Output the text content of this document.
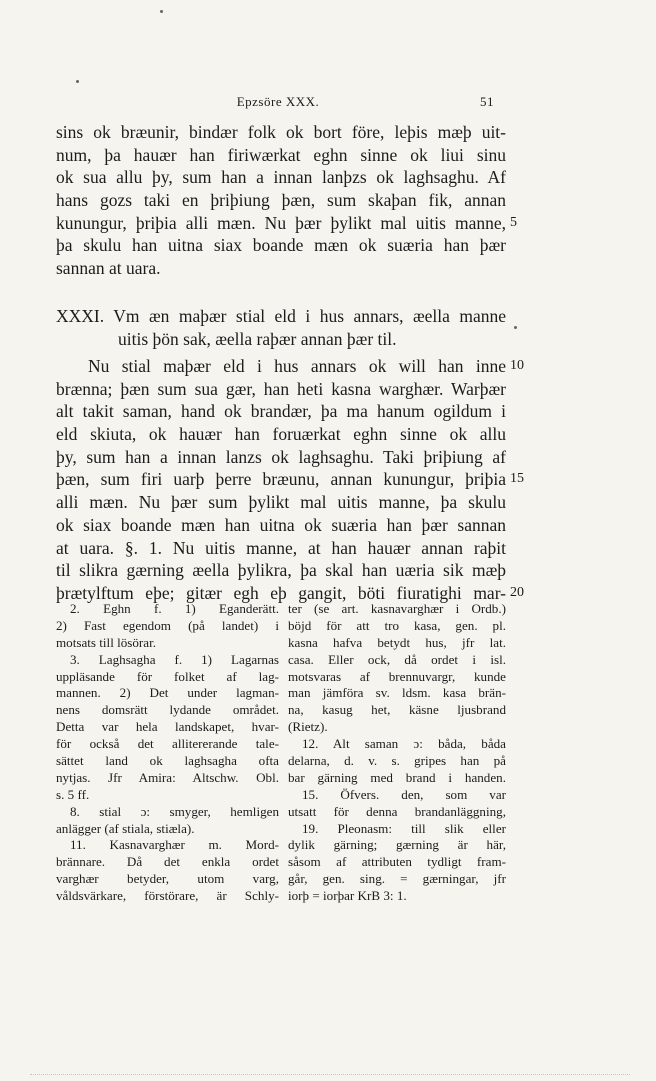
Epzsöre XXX.	51
sins ok bræunir, bindær folk ok bort före, leþis mæþ uit-
num, þa hauær han firiwærkat eghn sinne ok liui sinu
ok sua allu þy, sum han a innan lanþzs ok laghsaghu. Af
hans gozs taki en þriþiung þæn, sum skaþan fik, annan
kunungur, þriþia alli mæn. Nu þær þylikt mal uitis manne, 5
þa skulu han uitna siax boande mæn ok suæria han þær
sannan at uara.
XXXI. Vm æn maþær stial eld i hus annars, æella manne
uitis þön sak, æella raþær annan þær til.
Nu stial maþær eld i hus annars ok will han inne 10
brænna; þæn sum sua gær, han heti kasna warghær. Warþær
alt takit saman, hand ok brandær, þa ma hanum ogildum i
eld skiuta, ok hauær han foruærkat eghn sinne ok allu
þy, sum han a innan lanzs ok laghsaghu. Taki þriþiung af
þæn, sum firi uarþ þerre bræunu, annan kunungur, þriþia 15
alli mæn. Nu þær sum þylikt mal uitis manne, þa skulu
ok siax boande mæn han uitna ok suæria han þær sannan
at uara. §. 1. Nu uitis manne, at han hauær annan raþit
til slikra gærning æella þylikra, þa skal han uæria sik mæþ
þrætylftum eþe; gitær egh eþ gangit, böti fiuratighi mar- 20
2. Eghn f. 1) Eganderätt.
2) Fast egendom (på landet) i
motsats till lösörar.
3. Laghsagha f. 1) Lagarnas
uppläsande för folket af lag-
mannen. 2) Det under lagman-
nens domsrätt lydande området.
Detta var hela landskapet, hvar-
för också det allitererande tale-
sättet land ok laghsagha ofta
nytjas. Jfr Amira: Altschw. Obl.
s. 5 ff.
8. stial ɔ: smyger, hemligen
anlägger (af stiala, stiæla).
11. Kasnavarghær m. Mord-
brännare. Då det enkla ordet
varghær betyder, utom varg,
våldsvärkare, förstörare, är Schly-
ter (se art. kasnavarghær i Ordb.)
böjd för att tro kasa, gen. pl.
kasna hafva betydt hus, jfr lat.
casa. Eller ock, då ordet i isl.
motsvaras af brennuvargr, kunde
man jämföra sv. ldsm. kasa brän-
na, kasug het, käsne ljusbrand
(Rietz).
12. Alt saman ɔ: båda, båda
delarna, d. v. s. gripes han på
bar gärning med brand i handen.
15. Öfvers. den, som var
utsatt för denna brandanläggning,
19. Pleonasm: till slik eller
dylik gärning; gærning är här,
såsom af attributen tydligt fram-
går, gen. sing. = gærningar, jfr
iorþ = iorþar KrB 3: 1.
